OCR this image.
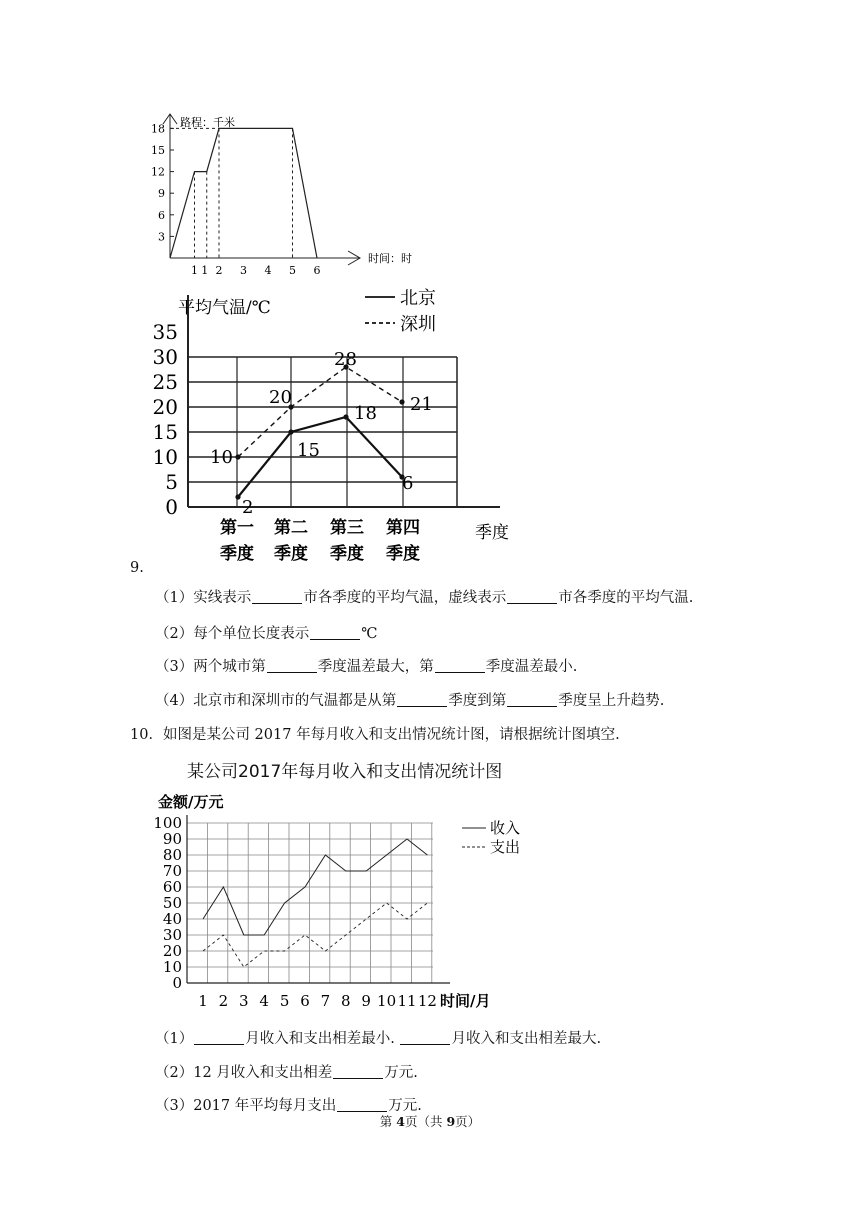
3
6
9
12
15
18
1 1 2 3 4 5 6
路程：千米
时间：时
0
5
10
15
20
25
30
35
第一
季度
第二
季度
第三
季度
第四
季度
2
15
18
6
10
20
28
21
北京
深圳
平均气温/℃
季度
9.
（1）实线表示	市各季度的平均气温，虚线表示	市各季度的平均气温.
（2）每个单位长度表示	℃
（3）两个城市第	季度温差最大，第	季度温差最小.
（4）北京市和深圳市的气温都是从第	季度到第	季度呈上升趋势.
10．如图是某公司 2017 年每月收入和支出情况统计图，请根据统计图填空.
某公司2017年每月收入和支出情况统计图
0
10
20
30
40
50
60
70
80
90
100
1 2 3 4 5 6 7 8 9 10 11 12
收入
支出
金额/万元
时间/月
（1）	月收入和支出相差最小.	月收入和支出相差最大.
（2）12 月收入和支出相差	万元.
（3）2017 年平均每月支出	万元.
第 4页（共 9页）
